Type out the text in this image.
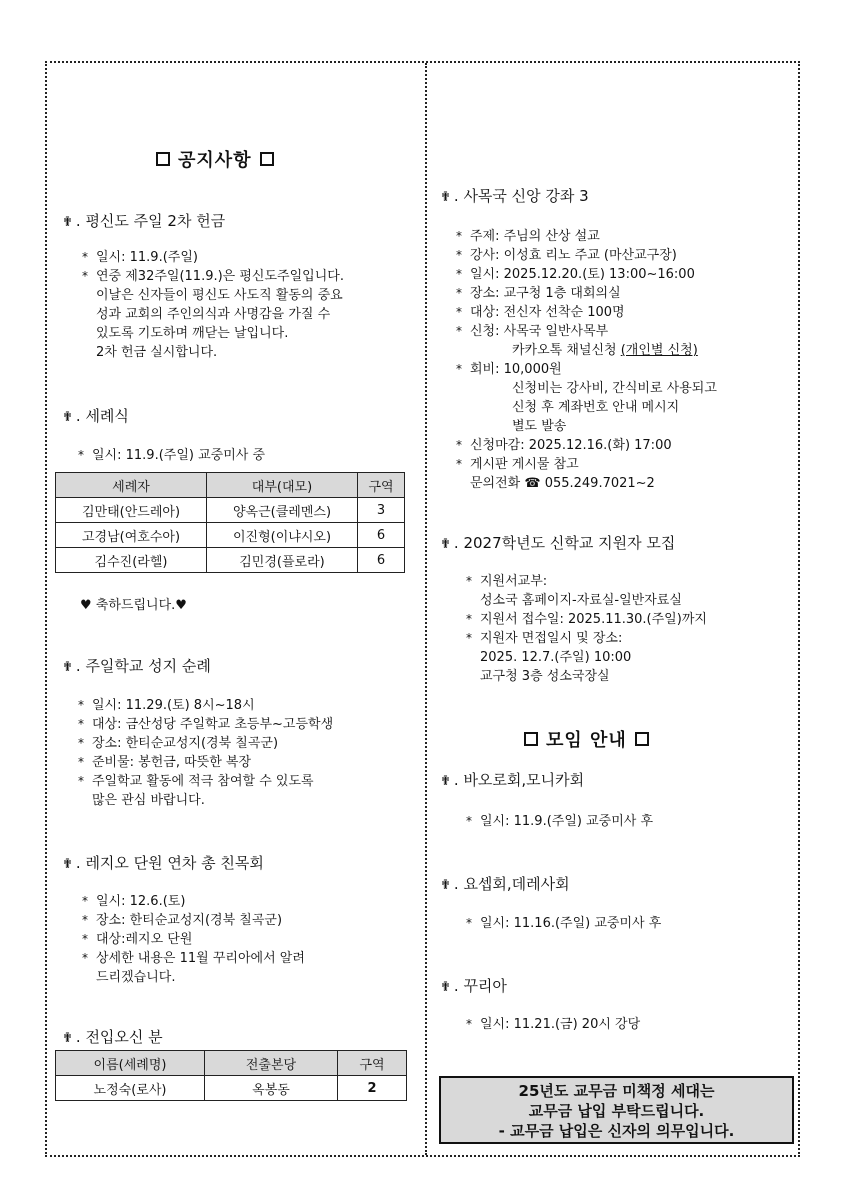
공지사항
✟ . 평신도 주일 2차 헌금
* 일시: 11.9.(주일)
* 연중 제32주일(11.9.)은 평신도주일입니다.
이날은 신자들이 평신도 사도직 활동의 중요
성과 교회의 주인의식과 사명감을 가질 수
있도록 기도하며 깨닫는 날입니다.
2차 헌금 실시합니다.
✟ . 세례식
* 일시: 11.9.(주일) 교중미사 중
세례자	대부(대모)	구역
김만태(안드레아)	양옥근(클레멘스)	3
고경남(여호수아)	이진형(이냐시오)	6
김수진(라헬)	김민경(플로라)	6
♥ 축하드립니다.♥
✟ . 주일학교 성지 순례
* 일시: 11.29.(토) 8시~18시
* 대상: 금산성당 주일학교 초등부~고등학생
* 장소: 한티순교성지(경북 칠곡군)
* 준비물: 봉헌금, 따뜻한 복장
* 주일학교 활동에 적극 참여할 수 있도록
많은 관심 바랍니다.
✟ . 레지오 단원 연차 총 친목회
* 일시: 12.6.(토)
* 장소: 한티순교성지(경북 칠곡군)
* 대상:레지오 단원
* 상세한 내용은 11월 꾸리아에서 알려
드리겠습니다.
✟ . 전입오신 분
이름(세례명)	전출본당	구역
노정숙(로사)	옥봉동	2
✟ . 사목국 신앙 강좌 3
* 주제: 주님의 산상 설교
* 강사: 이성효 리노 주교 (마산교구장)
* 일시: 2025.12.20.(토) 13:00~16:00
* 장소: 교구청 1층 대회의실
* 대상: 전신자 선착순 100명
* 신청: 사목국 일반사목부
카카오톡 채널신청 (개인별 신청)
* 회비: 10,000원
신청비는 강사비, 간식비로 사용되고
신청 후 계좌번호 안내 메시지
별도 발송
* 신청마감: 2025.12.16.(화) 17:00
* 게시판 게시물 참고
문의전화 ☎ 055.249.7021~2
✟ . 2027학년도 신학교 지원자 모집
* 지원서교부:
성소국 홈페이지-자료실-일반자료실
* 지원서 접수일: 2025.11.30.(주일)까지
* 지원자 면접일시 및 장소:
2025. 12.7.(주일) 10:00
교구청 3층 성소국장실
모임 안내
✟ . 바오로회,모니카회
* 일시: 11.9.(주일) 교중미사 후
✟ . 요셉회,데레사회
* 일시: 11.16.(주일) 교중미사 후
✟ . 꾸리아
* 일시: 11.21.(금) 20시 강당
25년도 교무금 미책정 세대는
교무금 납입 부탁드립니다.
- 교무금 납입은 신자의 의무입니다.
